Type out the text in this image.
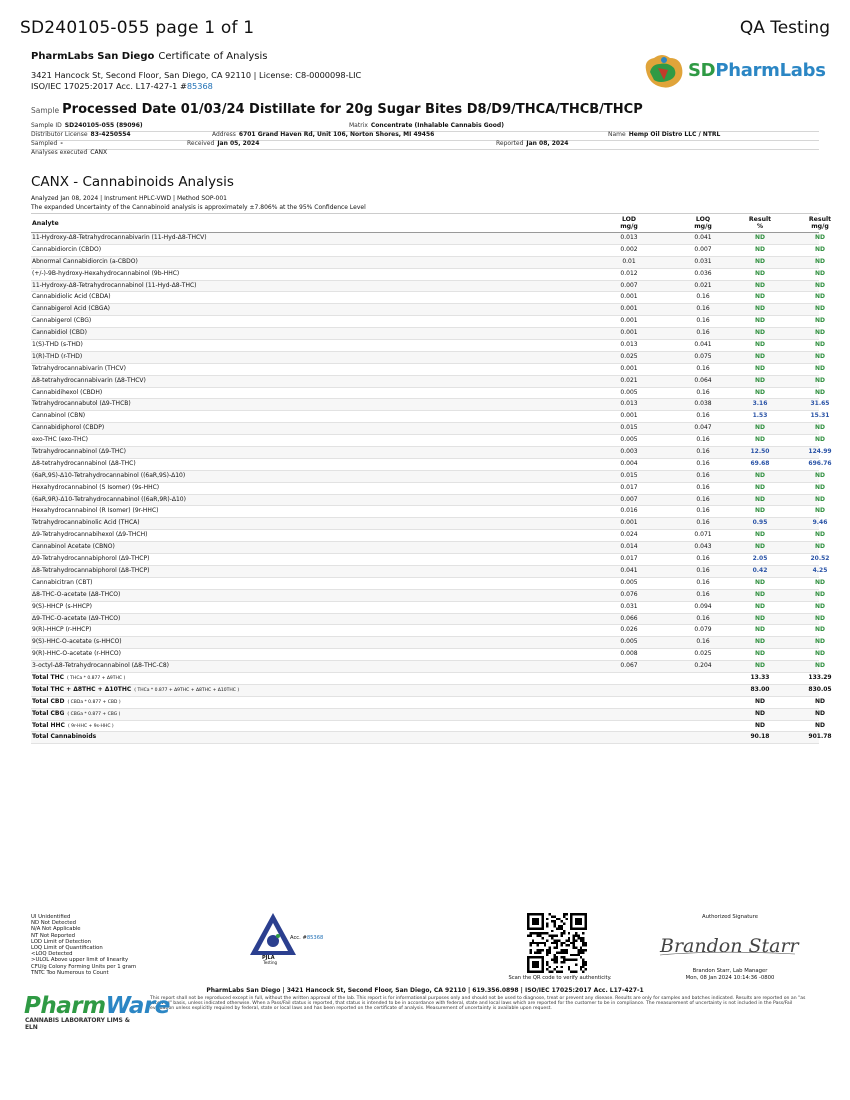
SD240105-055 page 1 of 1	QA Testing
PharmLabs San Diego Certificate of Analysis
3421 Hancock St, Second Floor, San Diego, CA 92110 | License: C8-0000098-LIC
ISO/IEC 17025:2017 Acc. L17-427-1 #85368
SDPharmLabs
Sample Processed Date 01/03/24 Distillate for 20g Sugar Bites D8/D9/THCA/THCB/THCP
Sample ID SD240105-055 (89096)	Matrix Concentrate (Inhalable Cannabis Good)
Distributor License 83-4250554	Address 6701 Grand Haven Rd, Unit 106, Norton Shores, MI 49456	Name Hemp Oil Distro LLC / NTRL
Sampled -	Received Jan 05, 2024	Reported Jan 08, 2024
Analyses executed CANX
CANX - Cannabinoids Analysis
Analyzed Jan 08, 2024 | Instrument HPLC-VWD | Method SOP-001
The expanded Uncertainty of the Cannabinoid analysis is approximately ±7.806% at the 95% Confidence Level
Analyte
LOD
mg/g
LOQ
mg/g
Result
%
Result
mg/g
11-Hydroxy-Δ8-Tetrahydrocannabivarin (11-Hyd-Δ8-THCV)	0.013	0.041	ND	ND
Cannabidiorcin (CBDO)	0.002	0.007	ND	ND
Abnormal Cannabidiorcin (a-CBDO)	0.01	0.031	ND	ND
(+/-)-9B-hydroxy-Hexahydrocannabinol (9b-HHC)	0.012	0.036	ND	ND
11-Hydroxy-Δ8-Tetrahydrocannabinol (11-Hyd-Δ8-THC)	0.007	0.021	ND	ND
Cannabidiolic Acid (CBDA)	0.001	0.16	ND	ND
Cannabigerol Acid (CBGA)	0.001	0.16	ND	ND
Cannabigerol (CBG)	0.001	0.16	ND	ND
Cannabidiol (CBD)	0.001	0.16	ND	ND
1(S)-THD (s-THD)	0.013	0.041	ND	ND
1(R)-THD (r-THD)	0.025	0.075	ND	ND
Tetrahydrocannabivarin (THCV)	0.001	0.16	ND	ND
Δ8-tetrahydrocannabivarin (Δ8-THCV)	0.021	0.064	ND	ND
Cannabidihexol (CBDH)	0.005	0.16	ND	ND
Tetrahydrocannabutol (Δ9-THCB)	0.013	0.038	3.16	31.65
Cannabinol (CBN)	0.001	0.16	1.53	15.31
Cannabidiphorol (CBDP)	0.015	0.047	ND	ND
exo-THC (exo-THC)	0.005	0.16	ND	ND
Tetrahydrocannabinol (Δ9-THC)	0.003	0.16	12.50	124.99
Δ8-tetrahydrocannabinol (Δ8-THC)	0.004	0.16	69.68	696.76
(6aR,9S)-Δ10-Tetrahydrocannabinol ((6aR,9S)-Δ10)	0.015	0.16	ND	ND
Hexahydrocannabinol (S Isomer) (9s-HHC)	0.017	0.16	ND	ND
(6aR,9R)-Δ10-Tetrahydrocannabinol ((6aR,9R)-Δ10)	0.007	0.16	ND	ND
Hexahydrocannabinol (R Isomer) (9r-HHC)	0.016	0.16	ND	ND
Tetrahydrocannabinolic Acid (THCA)	0.001	0.16	0.95	9.46
Δ9-Tetrahydrocannabihexol (Δ9-THCH)	0.024	0.071	ND	ND
Cannabinol Acetate (CBNO)	0.014	0.043	ND	ND
Δ9-Tetrahydrocannabiphorol (Δ9-THCP)	0.017	0.16	2.05	20.52
Δ8-Tetrahydrocannabiphorol (Δ8-THCP)	0.041	0.16	0.42	4.25
Cannabicitran (CBT)	0.005	0.16	ND	ND
Δ8-THC-O-acetate (Δ8-THCO)	0.076	0.16	ND	ND
9(S)-HHCP (s-HHCP)	0.031	0.094	ND	ND
Δ9-THC-O-acetate (Δ9-THCO)	0.066	0.16	ND	ND
9(R)-HHCP (r-HHCP)	0.026	0.079	ND	ND
9(S)-HHC-O-acetate (s-HHCO)	0.005	0.16	ND	ND
9(R)-HHC-O-acetate (r-HHCO)	0.008	0.025	ND	ND
3-octyl-Δ8-Tetrahydrocannabinol (Δ8-THC-C8)	0.067	0.204	ND	ND
Total THC ( THCa * 0.877 + Δ9THC )	13.33	133.29
Total THC + Δ8THC + Δ10THC ( THCa * 0.877 + Δ9THC + Δ8THC + Δ10THC )	83.00	830.05
Total CBD ( CBDa * 0.877 + CBD )	ND	ND
Total CBG ( CBGa * 0.877 + CBG )	ND	ND
Total HHC ( 9r-HHC + 9s-HHC )	ND	ND
Total Cannabinoids	90.18	901.78
UI Unidentified
ND Not Detected
N/A Not Applicable
NT Not Reported
LOD Limit of Detection
LOQ Limit of Quantification
<LOQ Detected
>ULOL Above upper limit of linearity
CFU/g Colony Forming Units per 1 gram
TNTC Too Numerous to Count
PJLA
Testing
Acc. #85368
Scan the QR code to verify authenticity.
Authorized Signature
Brandon Starr
Brandon Starr, Lab Manager
Mon, 08 Jan 2024 10:14:36 -0800
PharmLabs San Diego | 3421 Hancock St, Second Floor, San Diego, CA 92110 | 619.356.0898 | ISO/IEC 17025:2017 Acc. L17-427-1
This report shall not be reproduced except in full, without the written approval of the lab. This report is for informational purposes only and should not be used to diagnose, treat or prevent any disease. Results are only for samples and batches indicated. Results are reported on an "as received" basis, unless indicated otherwise. When a Pass/Fail status is reported, that status is intended to be in accordance with federal, state and local laws which are reported for the customer to be in compliance. The measurement of uncertainty is not included in the Pass/Fail evaluation unless explicitly required by federal, state or local laws and has been reported on the certificate of analysis. Measurement of uncertainty is available upon request.
PharmWare
CANNABIS LABORATORY LIMS & ELN
